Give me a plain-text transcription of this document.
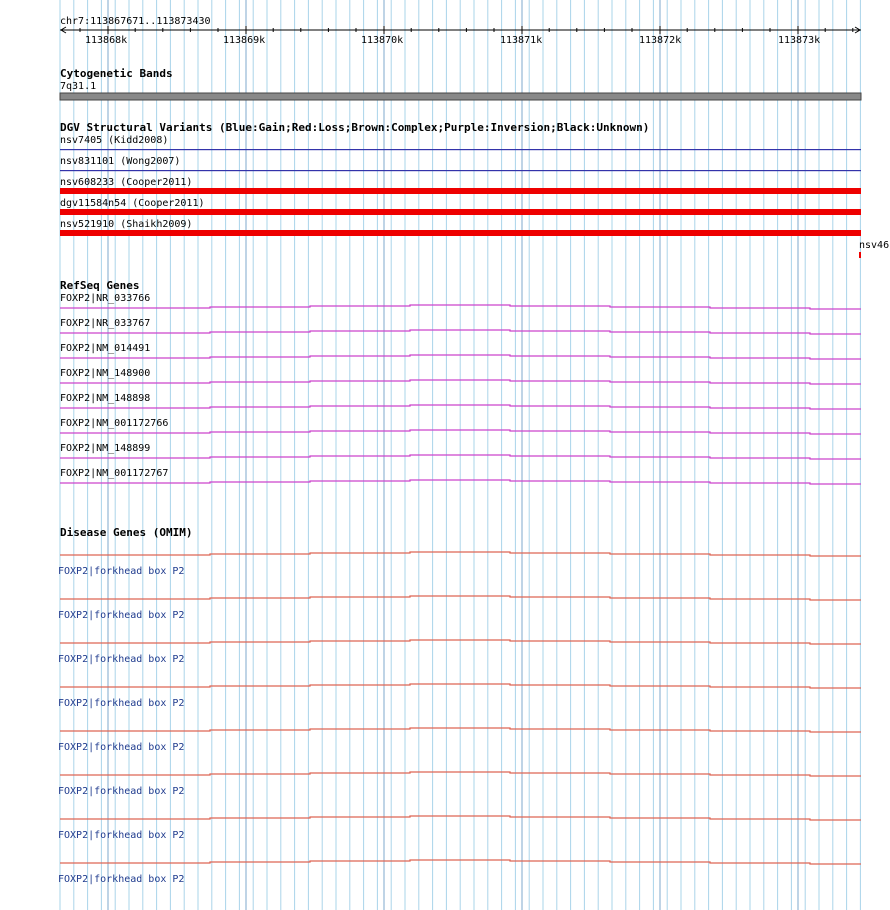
chr7:113867671..113873430
113868k	113869k	113870k	113871k	113872k	113873k
Cytogenetic Bands
7q31.1
DGV Structural Variants (Blue:Gain;Red:Loss;Brown:Complex;Purple:Inversion;Black:Unknown)
nsv7405 (Kidd2008)
nsv831101 (Wong2007)
nsv608233 (Cooper2011)
dgv11584n54 (Cooper2011)
nsv521910 (Shaikh2009)
nsv46
RefSeq Genes
FOXP2|NR_033766
FOXP2|NR_033767
FOXP2|NM_014491
FOXP2|NM_148900
FOXP2|NM_148898
FOXP2|NM_001172766
FOXP2|NM_148899
FOXP2|NM_001172767
Disease Genes (OMIM)
FOXP2|forkhead box P2
FOXP2|forkhead box P2
FOXP2|forkhead box P2
FOXP2|forkhead box P2
FOXP2|forkhead box P2
FOXP2|forkhead box P2
FOXP2|forkhead box P2
FOXP2|forkhead box P2
